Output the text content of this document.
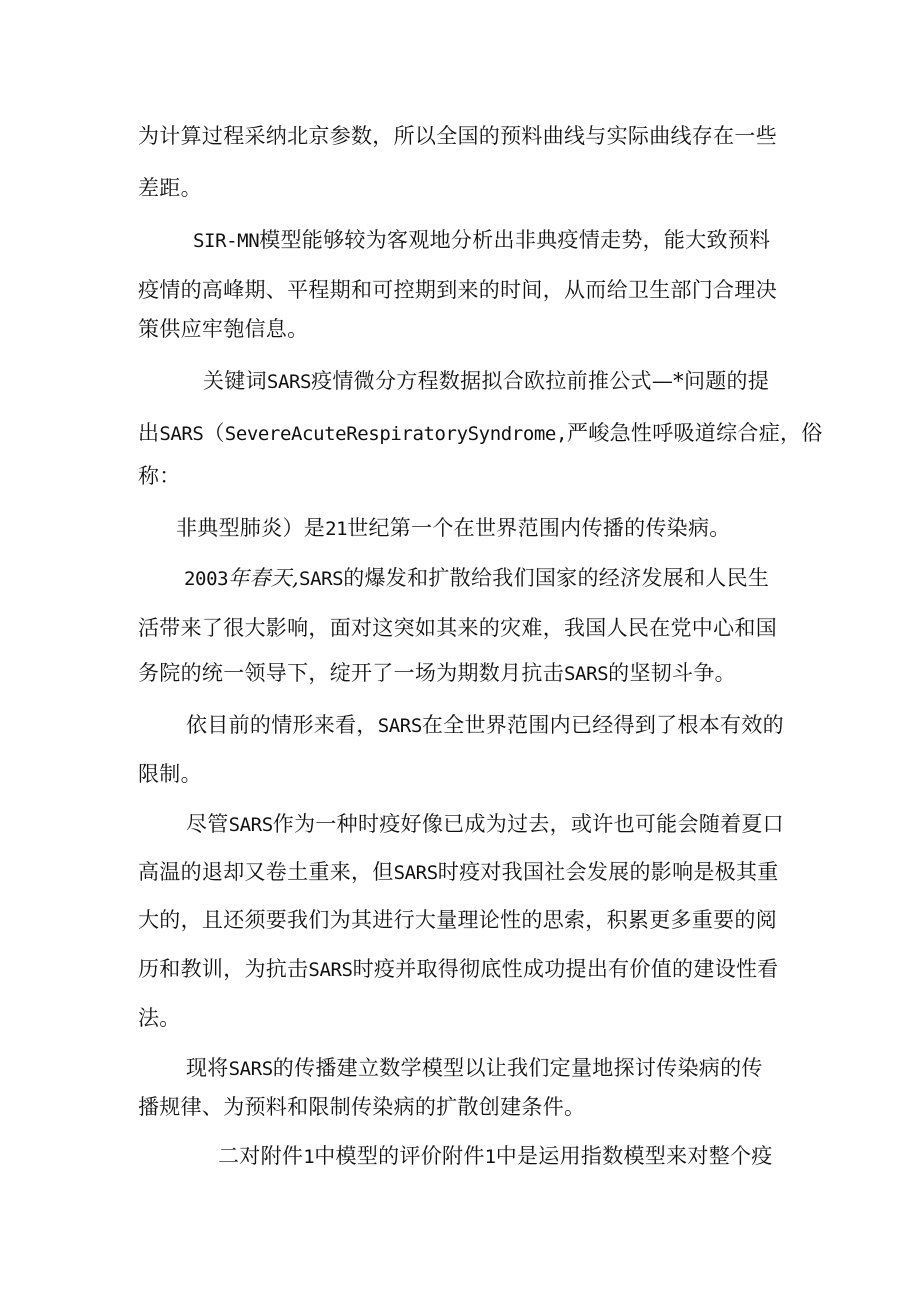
为计算过程采纳北京参数，所以全国的预料曲线与实际曲线存在一些
差距。
SIR-MN模型能够较为客观地分析出非典疫情走势，能大致预料
疫情的高峰期、平程期和可控期到来的时间，从而给卫生部门合理决
策供应牢匏信息。
关键词SARS疫情微分方程数据拟合欧拉前推公式—*问题的提
出SARS（SevereAcuteRespiratorySyndrome,严峻急性呼吸道综合症，俗
称：
非典型肺炎）是21世纪第一个在世界范围内传播的传染病。
2003年春天,SARS的爆发和扩散给我们国家的经济发展和人民生
活带来了很大影响，面对这突如其来的灾难，我国人民在党中心和国
务院的统一领导下，绽开了一场为期数月抗击SARS的坚韧斗争。
依目前的情形来看，SARS在全世界范围内已经得到了根本有效的
限制。
尽管SARS作为一种时疫好像已成为过去，或许也可能会随着夏口
高温的退却又卷土重来，但SARS时疫对我国社会发展的影响是极其重
大的，且还须要我们为其进行大量理论性的思索，积累更多重要的阅
历和教训，为抗击SARS时疫并取得彻底性成功提出有价值的建设性看
法。
现将SARS的传播建立数学模型以让我们定量地探讨传染病的传
播规律、为预料和限制传染病的扩散创建条件。
二对附件1中模型的评价附件1中是运用指数模型来对整个疫
